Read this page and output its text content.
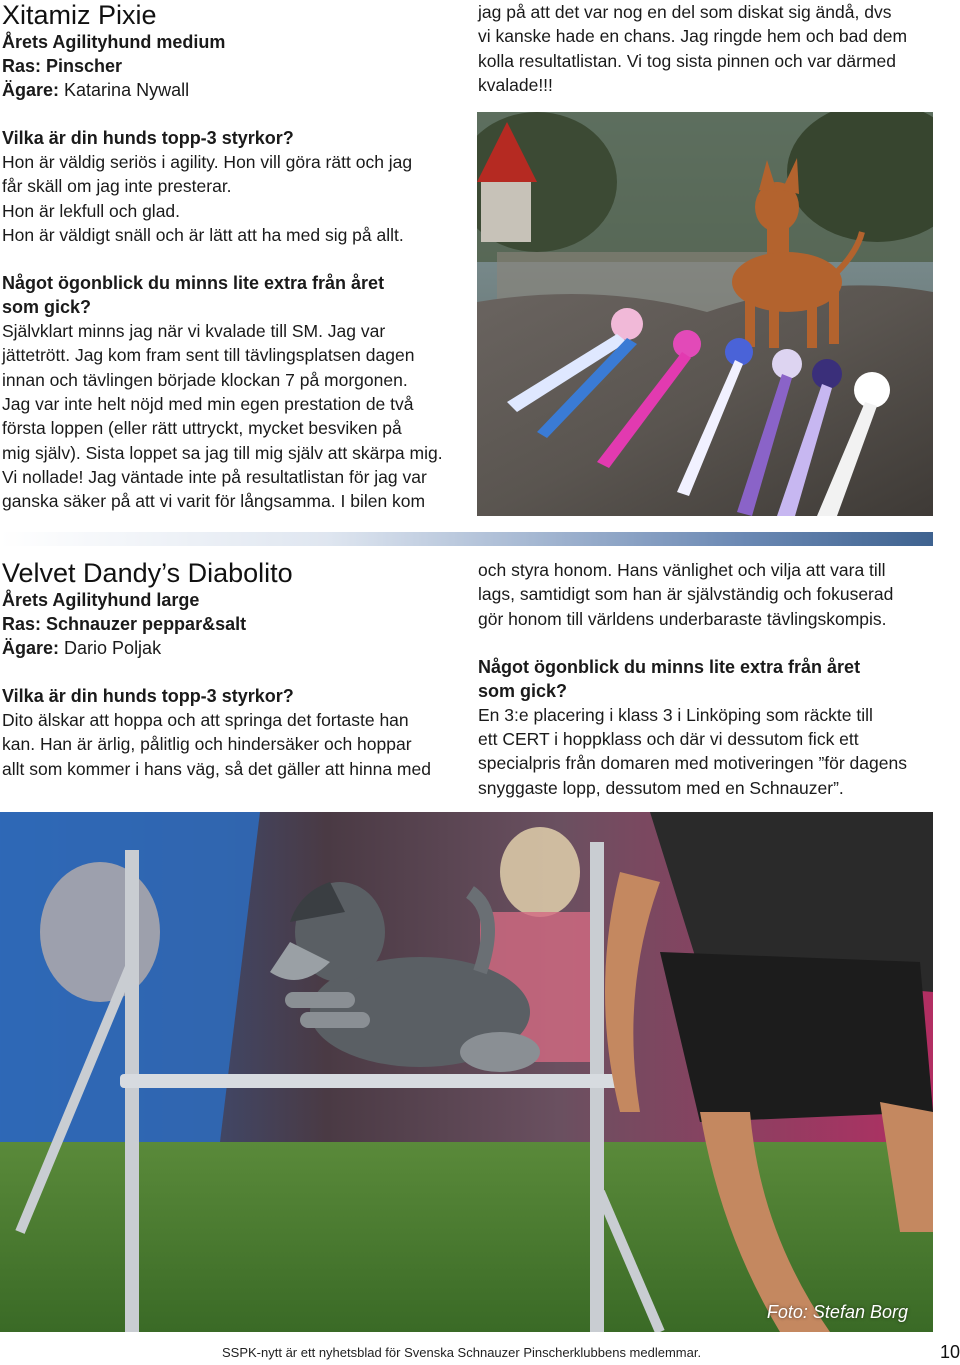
Xitamiz Pixie

Årets Agilityhund medium

Ras: Pinscher

Ägare: Katarina Nywall

Vilka är din hunds topp-3 styrkor?

Hon är väldig seriös i agility. Hon vill göra rätt och jag

får skäll om jag inte presterar.

Hon är lekfull och glad.

Hon är väldigt snäll och är lätt att ha med sig på allt.

Något ögonblick du minns lite extra från året

som gick?

Självklart minns jag när vi kvalade till SM. Jag var

jättetrött. Jag kom fram sent till tävlingsplatsen dagen

innan och tävlingen började klockan 7 på morgonen.

Jag var inte helt nöjd med min egen prestation de två

första loppen (eller rätt uttryckt, mycket besviken på

mig själv). Sista loppet sa jag till mig själv att skärpa mig.

Vi nollade! Jag väntade inte på resultatlistan för jag var

ganska säker på att vi varit för långsamma. I bilen kom

jag på att det var nog en del som diskat sig ändå, dvs

vi kanske hade en chans. Jag ringde hem och bad dem

kolla resultatlistan. Vi tog sista pinnen och var därmed

kvalade!!!

Velvet Dandy’s Diabolito

Årets Agilityhund large

Ras: Schnauzer peppar&salt

Ägare: Dario Poljak

Vilka är din hunds topp-3 styrkor?

Dito älskar att hoppa och att springa det fortaste han

kan. Han är ärlig, pålitlig och hindersäker och hoppar

allt som kommer i hans väg, så det gäller att hinna med

och styra honom. Hans vänlighet och vilja att vara till

lags, samtidigt som han är självständig och fokuserad

gör honom till världens underbaraste tävlingskompis.

Något ögonblick du minns lite extra från året

som gick?

En 3:e placering i klass 3 i Linköping som räckte till

ett CERT i hoppklass och där vi dessutom fick ett

specialpris från domaren med motiveringen ”för dagens

snyggaste lopp, dessutom med en Schnauzer”.

Foto: Stefan Borg
SSPK-nytt är ett nyhetsblad för Svenska Schnauzer Pinscherklubbens medlemmar.	10
